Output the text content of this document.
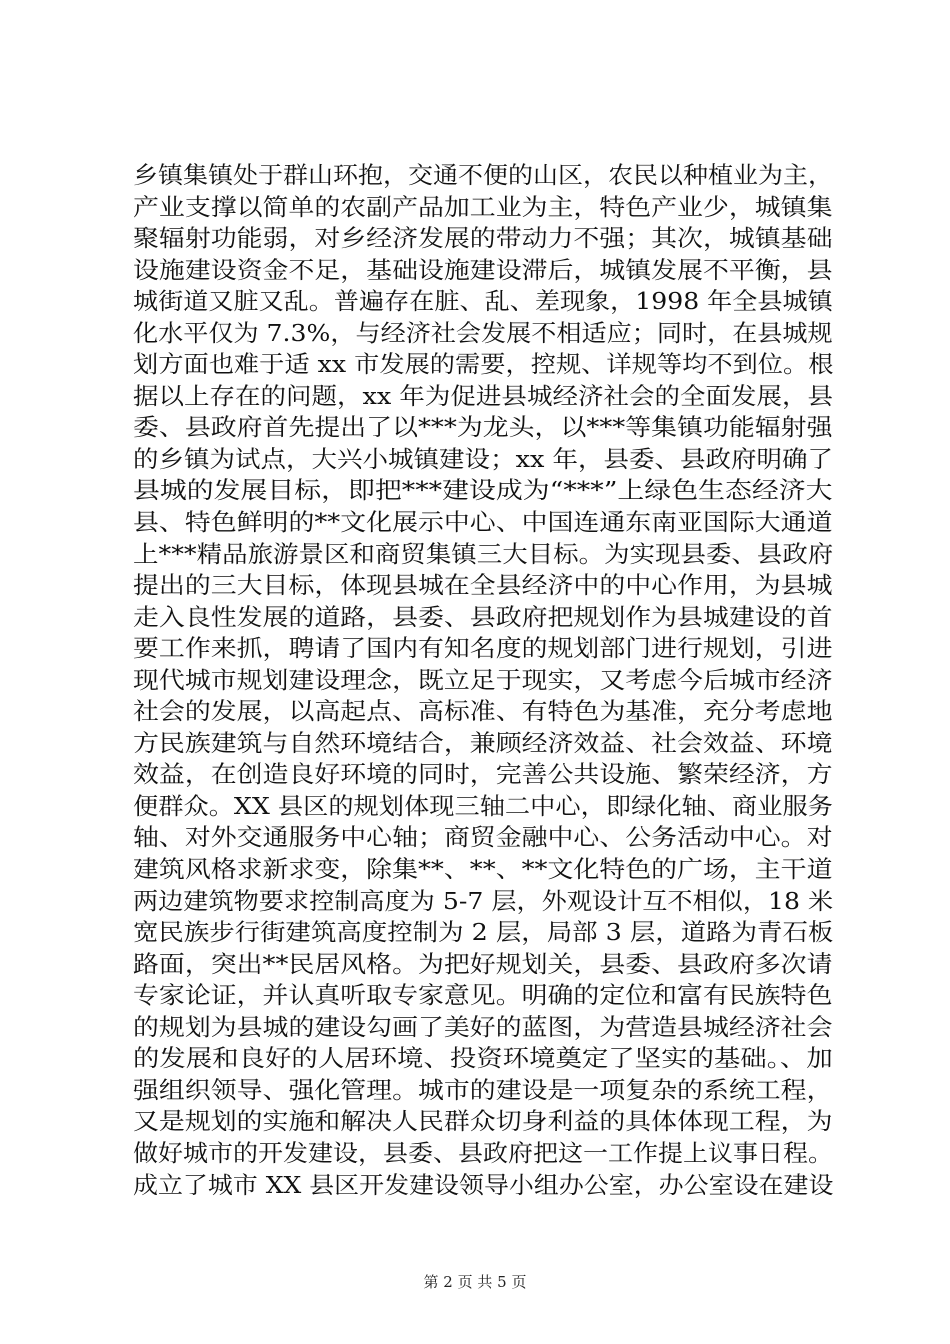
乡镇集镇处于群山环抱，交通不便的山区，农民以种植业为主，
产业支撑以简单的农副产品加工业为主，特色产业少，城镇集
聚辐射功能弱，对乡经济发展的带动力不强；其次，城镇基础
设施建设资金不足，基础设施建设滞后，城镇发展不平衡，县
城街道又脏又乱。普遍存在脏、乱、差现象，1998 年全县城镇
化水平仅为 7.3%，与经济社会发展不相适应；同时，在县城规
划方面也难于适 xx 市发展的需要，控规、详规等均不到位。根
据以上存在的问题，xx 年为促进县城经济社会的全面发展，县
委、县政府首先提出了以***为龙头，以***等集镇功能辐射强
的乡镇为试点，大兴小城镇建设；xx 年，县委、县政府明确了
县城的发展目标，即把***建设成为“***”上绿色生态经济大
县、特色鲜明的**文化展示中心、中国连通东南亚国际大通道
上***精品旅游景区和商贸集镇三大目标。为实现县委、县政府
提出的三大目标，体现县城在全县经济中的中心作用，为县城
走入良性发展的道路，县委、县政府把规划作为县城建设的首
要工作来抓，聘请了国内有知名度的规划部门进行规划，引进
现代城市规划建设理念，既立足于现实，又考虑今后城市经济
社会的发展，以高起点、高标准、有特色为基准，充分考虑地
方民族建筑与自然环境结合，兼顾经济效益、社会效益、环境
效益，在创造良好环境的同时，完善公共设施、繁荣经济，方
便群众。XX 县区的规划体现三轴二中心，即绿化轴、商业服务
轴、对外交通服务中心轴；商贸金融中心、公务活动中心。对
建筑风格求新求变，除集**、**、**文化特色的广场，主干道
两边建筑物要求控制高度为 5-7 层，外观设计互不相似，18 米
宽民族步行街建筑高度控制为 2 层，局部 3 层，道路为青石板
路面，突出**民居风格。为把好规划关，县委、县政府多次请
专家论证，并认真听取专家意见。明确的定位和富有民族特色
的规划为县城的建设勾画了美好的蓝图，为营造县城经济社会
的发展和良好的人居环境、投资环境奠定了坚实的基础。、加
强组织领导、强化管理。城市的建设是一项复杂的系统工程，
又是规划的实施和解决人民群众切身利益的具体体现工程，为
做好城市的开发建设，县委、县政府把这一工作提上议事日程。
成立了城市 XX 县区开发建设领导小组办公室，办公室设在建设
第 2 页 共 5 页
